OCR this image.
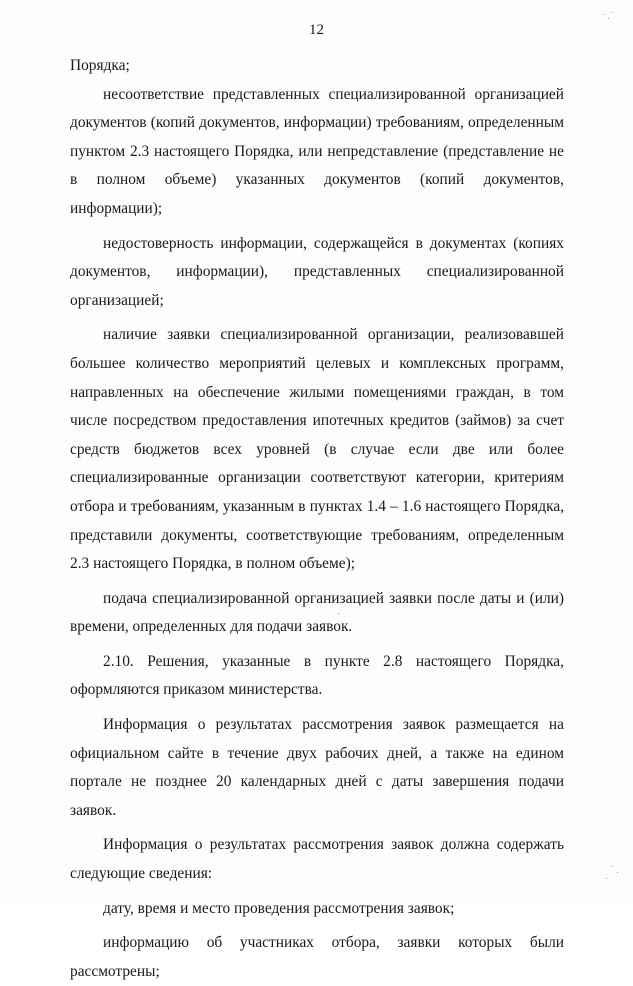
12

Порядка;

несоответствие представленных специализированной организацией документов (копий документов, информации) требованиям, определенным пунктом 2.3 настоящего Порядка, или непредставление (представление не в полном объеме) указанных документов (копий документов, информации);

недостоверность информации, содержащейся в документах (копиях документов, информации), представленных специализированной организацией;

наличие заявки специализированной организации, реализовавшей большее количество мероприятий целевых и комплексных программ, направленных на обеспечение жилыми помещениями граждан, в том числе посредством предоставления ипотечных кредитов (займов) за счет средств бюджетов всех уровней (в случае если две или более специализированные организации соответствуют категории, критериям отбора и требованиям, указанным в пунктах 1.4 – 1.6 настоящего Порядка, представили документы, соответствующие требованиям, определенным 2.3 настоящего Порядка, в полном объеме);

подача специализированной организацией заявки после даты и (или) времени, определенных для подачи заявок.

2.10. Решения, указанные в пункте 2.8 настоящего Порядка, оформляются приказом министерства.

Информация о результатах рассмотрения заявок размещается на официальном сайте в течение двух рабочих дней, а также на едином портале не позднее 20 календарных дней с даты завершения подачи заявок.

Информация о результатах рассмотрения заявок должна содержать следующие сведения:

дату, время и место проведения рассмотрения заявок;

информацию об участниках отбора, заявки которых были рассмотрены;
